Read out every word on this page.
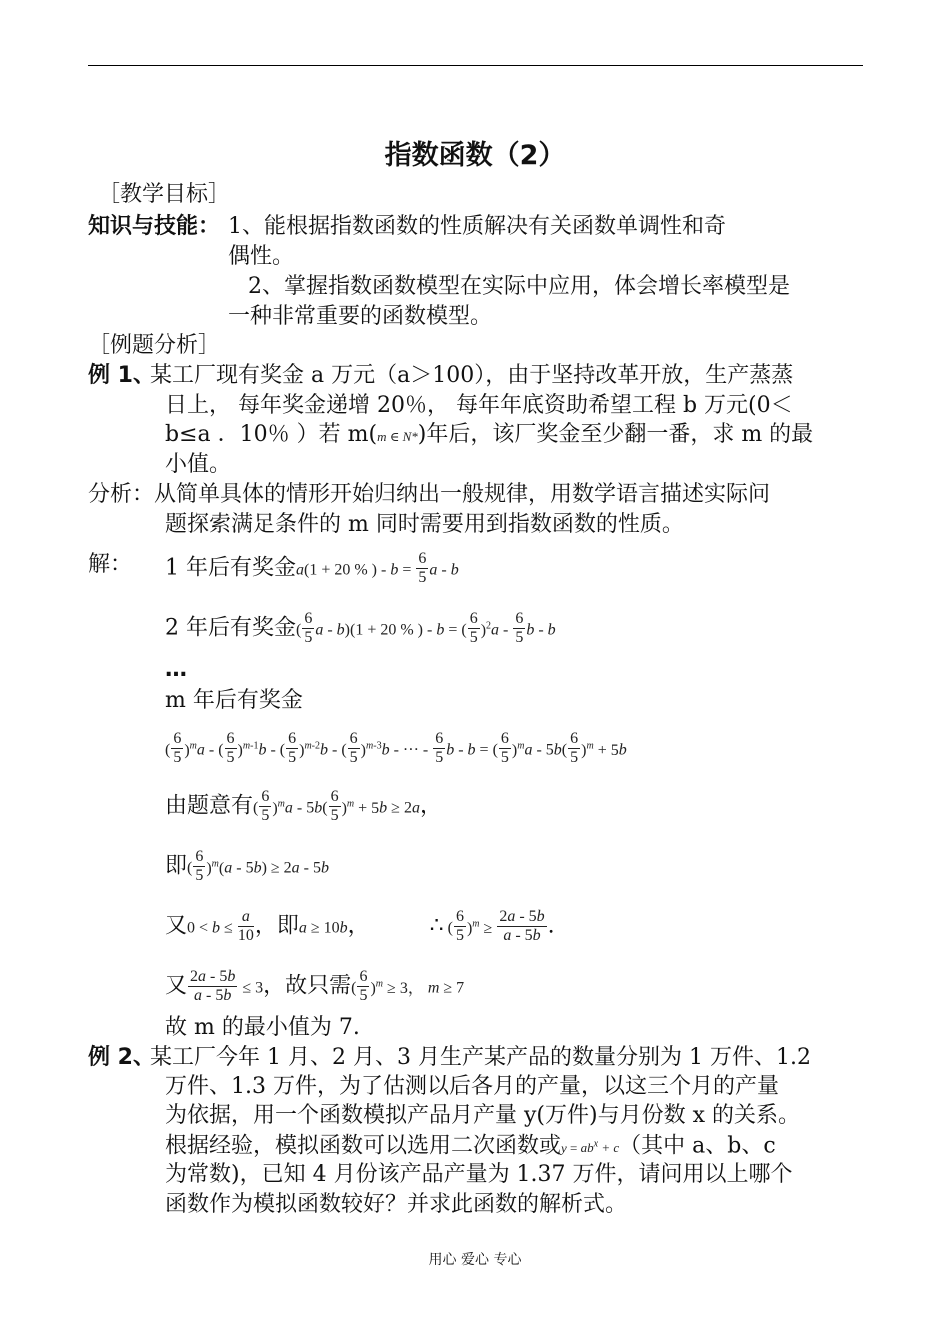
指数函数（2）
［教学目标］
知识与技能： 1、能根据指数函数的性质解决有关函数单调性和奇
偶性。
2、掌握指数函数模型在实际中应用，体会增长率模型是
一种非常重要的函数模型。
［例题分析］
例 1、
某工厂现有奖金 a 万元（a＞100），由于坚持改革开放，生产蒸蒸
日上， 每年奖金递增 20％， 每年年底资助希望工程 b 万元(0＜
b≤a ．10％ ）若 m(m ∈ N*)年后，该厂奖金至少翻一番，求 m 的最
小值。
分析：从简单具体的情形开始归纳出一般规律，用数学语言描述实际问
题探索满足条件的 m 同时需要用到指数函数的性质。
解： 1 年后有奖金a(1 + 20 % ) - $b = \frac{6}{5}$ a - b
2 年后有奖金( $\frac{6}{5}$ a - b)(1 + 20 % ) - b = ( $\frac{6}{5} )^2a - \frac{6}{5}$ b - b
…
m 年后有奖金
( $\frac{6}{5} )^ma$ - ( $\frac{6}{5} )^{m-1}b$ - ( $\frac{6}{5} )^{m-2}b$ - ( $\frac{6}{5} )^{m-3}b$ - ··· - $\frac{6}{5}$ b - b = ( $\frac{6}{5} )^ma - 5b( \frac{6}{5} )^m + 5b$
由题意有( $\frac{6}{5} )^ma - 5b( \frac{6}{5} )^m + 5b \ge 2a$，
即( $\frac{6}{5} )^m(a - 5b) \ge 2a - 5b$
又$0 < b \le \frac{a}{10}$ ，即a ≥ 10b，	∴ ( $\frac{6}{5} )^m \ge \frac{2a - 5b}{a - 5b}$ .
又 $\frac{2a - 5b}{a - 5b} \le 3$，故只需( $\frac{6}{5} )^m \ge 3$， m ≥ 7
故 m 的最小值为 7.
例 2、
某工厂今年 1 月、2 月、3 月生产某产品的数量分别为 1 万件、1.2
万件、1.3 万件，为了估测以后各月的产量，以这三个月的产量
为依据，用一个函数模拟产品月产量 y(万件)与月份数 x 的关系。
根据经验，模拟函数可以选用二次函数或$y = ab^x + c$（其中 a、b、c
为常数)，已知 4 月份该产品产量为 1.37 万件，请问用以上哪个
函数作为模拟函数较好？并求此函数的解析式。
用心 爱心 专心
